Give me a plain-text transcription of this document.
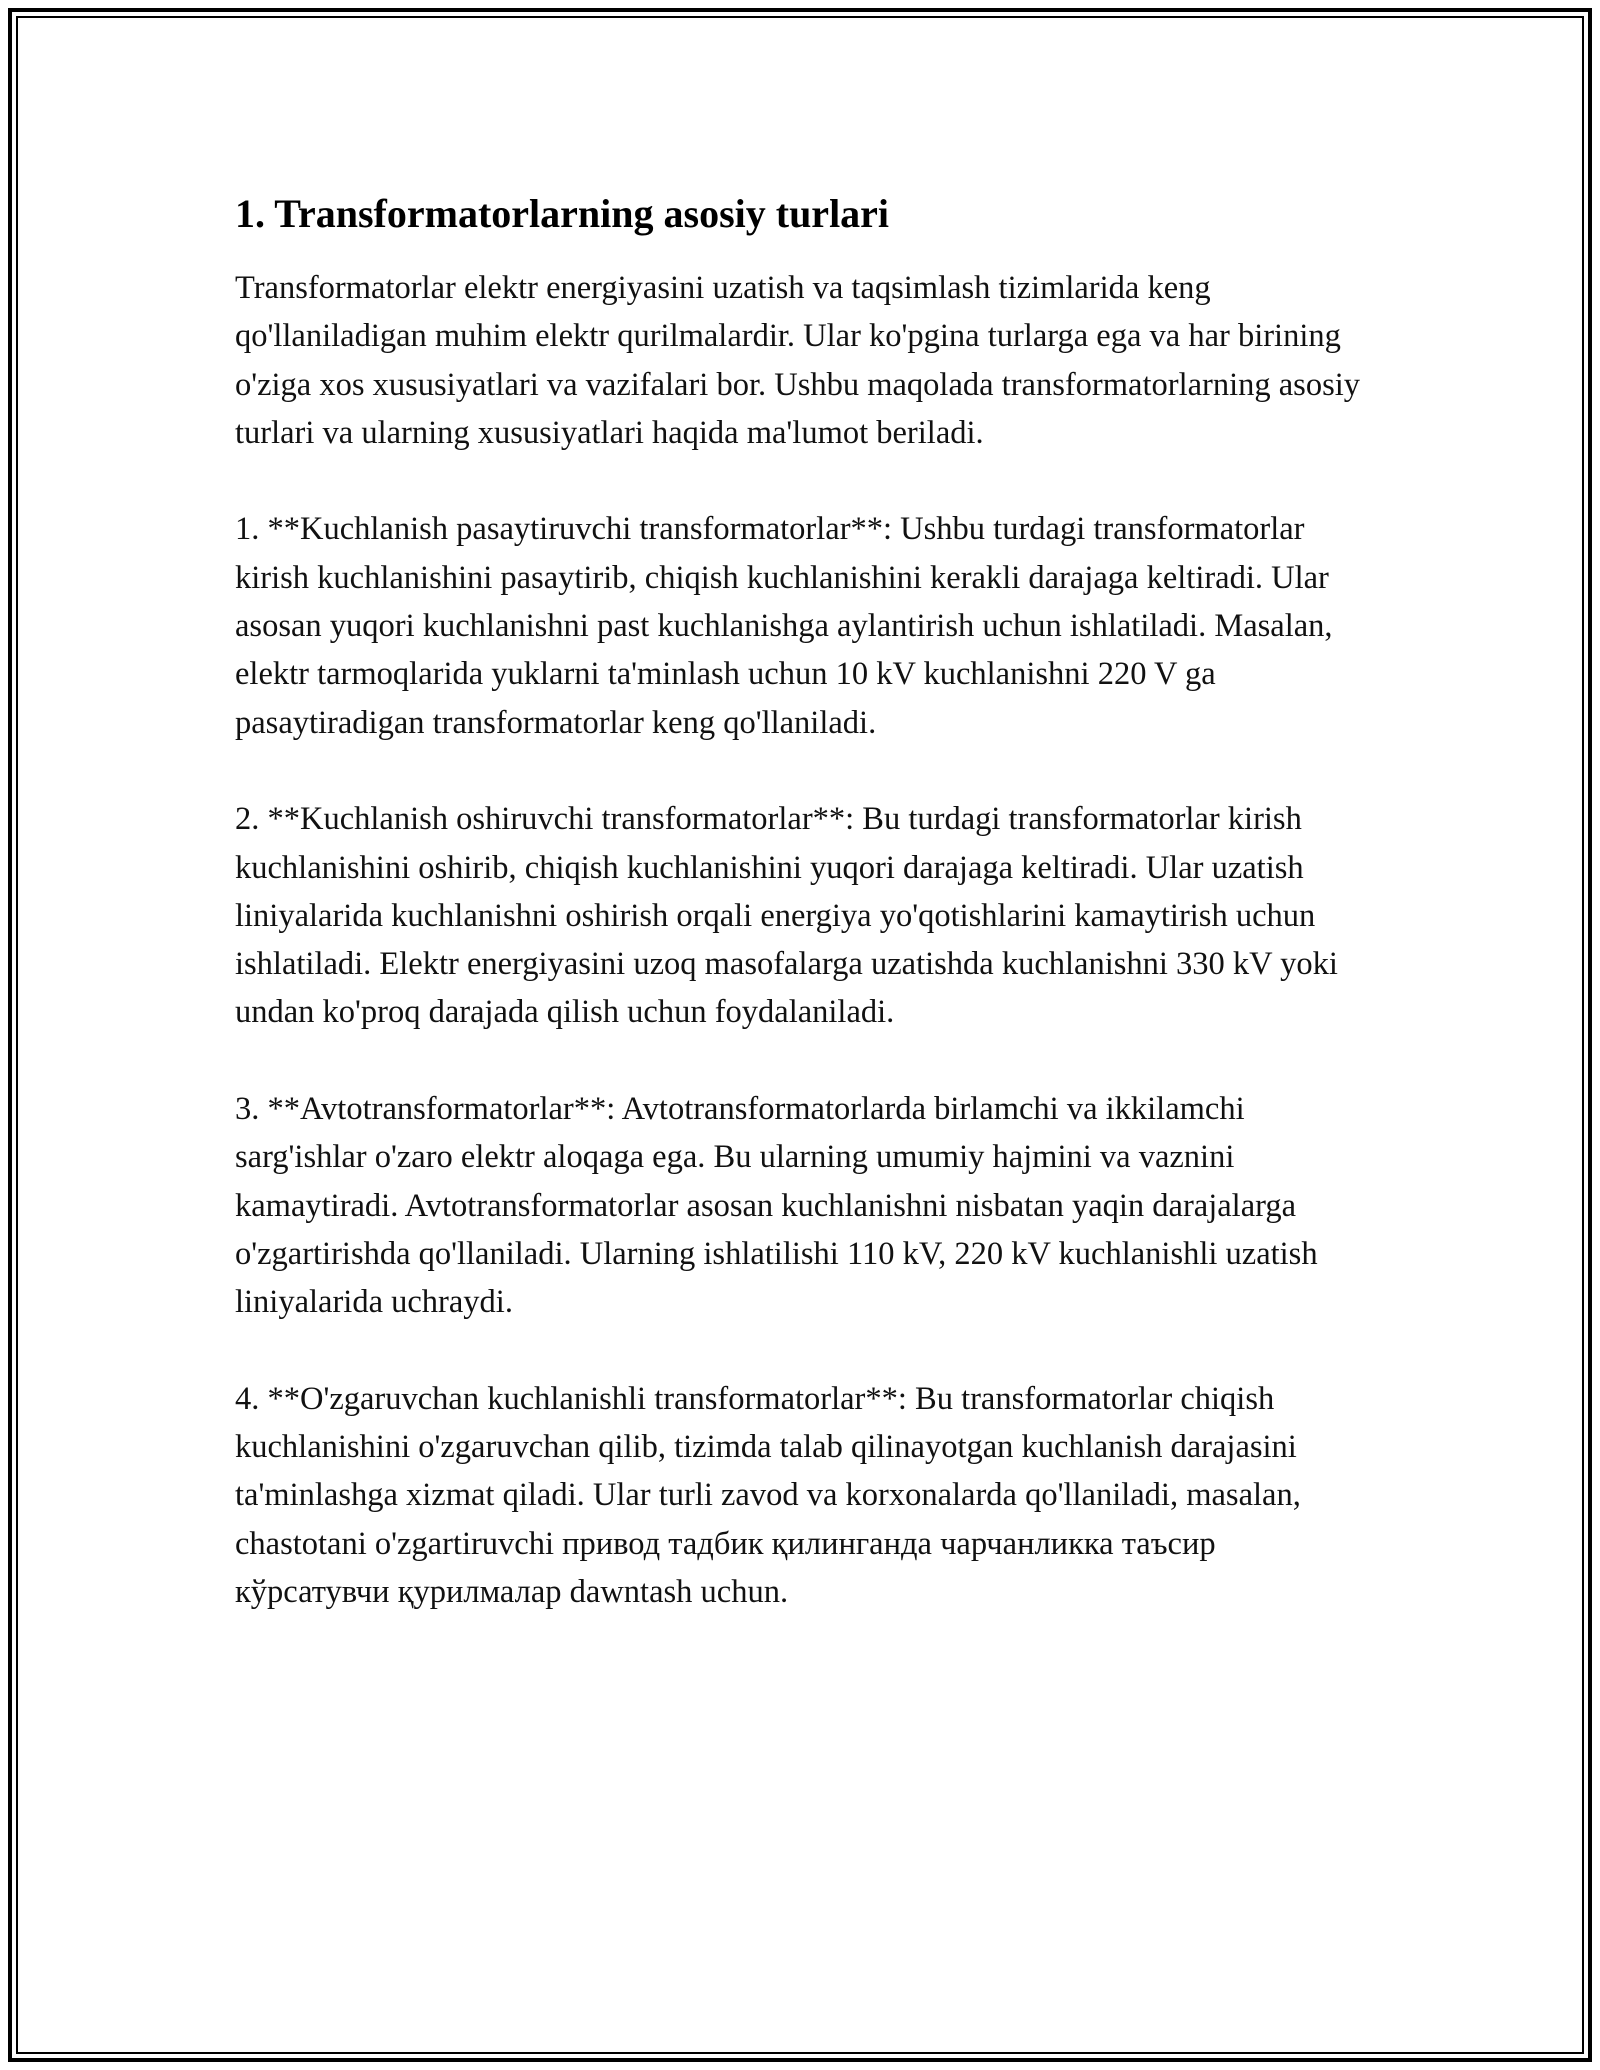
1. Transformatorlarning asosiy turlari

Transformatorlar elektr energiyasini uzatish va taqsimlash tizimlarida keng qo'llaniladigan muhim elektr qurilmalardir. Ular ko'pgina turlarga ega va har birining o'ziga xos xususiyatlari va vazifalari bor. Ushbu maqolada transformatorlarning asosiy turlari va ularning xususiyatlari haqida ma'lumot beriladi.

1. **Kuchlanish pasaytiruvchi transformatorlar**: Ushbu turdagi transformatorlar kirish kuchlanishini pasaytirib, chiqish kuchlanishini kerakli darajaga keltiradi. Ular asosan yuqori kuchlanishni past kuchlanishga aylantirish uchun ishlatiladi. Masalan, elektr tarmoqlarida yuklarni ta'minlash uchun 10 kV kuchlanishni 220 V ga pasaytiradigan transformatorlar keng qo'llaniladi.

2. **Kuchlanish oshiruvchi transformatorlar**: Bu turdagi transformatorlar kirish kuchlanishini oshirib, chiqish kuchlanishini yuqori darajaga keltiradi. Ular uzatish liniyalarida kuchlanishni oshirish orqali energiya yo'qotishlarini kamaytirish uchun ishlatiladi. Elektr energiyasini uzoq masofalarga uzatishda kuchlanishni 330 kV yoki undan ko'proq darajada qilish uchun foydalaniladi.

3. **Avtotransformatorlar**: Avtotransformatorlarda birlamchi va ikkilamchi sarg'ishlar o'zaro elektr aloqaga ega. Bu ularning umumiy hajmini va vaznini kamaytiradi. Avtotransformatorlar asosan kuchlanishni nisbatan yaqin darajalarga o'zgartirishda qo'llaniladi. Ularning ishlatilishi 110 kV, 220 kV kuchlanishli uzatish liniyalarida uchraydi.

4. **O'zgaruvchan kuchlanishli transformatorlar**: Bu transformatorlar chiqish kuchlanishini o'zgaruvchan qilib, tizimda talab qilinayotgan kuchlanish darajasini ta'minlashga xizmat qiladi. Ular turli zavod va korxonalarda qo'llaniladi, masalan, chastotani o'zgartiruvchi привод тадбик қилинганда чарчанликка таъсир кўрсатувчи қурилмалар dawntash uchun.
